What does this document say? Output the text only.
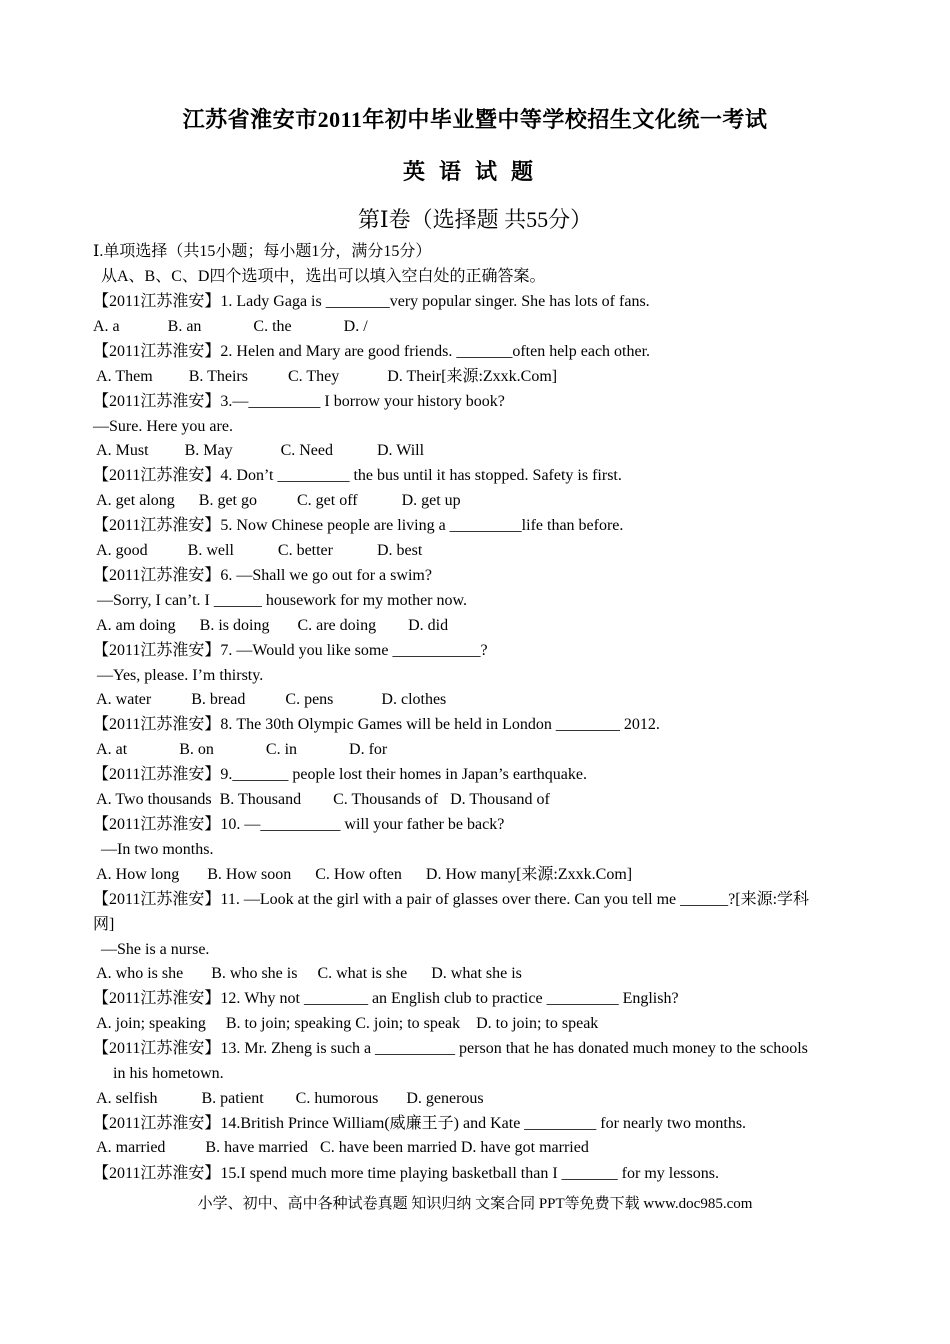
江苏省淮安市2011年初中毕业暨中等学校招生文化统一考试
英语试题
第Ⅰ卷（选择题 共55分）
Ⅰ.单项选择（共15小题；每小题1分，满分15分）
从A、B、C、D四个选项中，选出可以填入空白处的正确答案。
【2011江苏淮安】1. Lady Gaga is ________very popular singer. She has lots of fans.
A. a            B. an             C. the             D. /
【2011江苏淮安】2. Helen and Mary are good friends. _______often help each other.
A. Them         B. Theirs          C. They            D. Their[来源:Zxxk.Com]
【2011江苏淮安】3.—_________ I borrow your history book?
—Sure. Here you are.
A. Must         B. May            C. Need           D. Will
【2011江苏淮安】4. Don’t _________ the bus until it has stopped. Safety is first.
A. get along      B. get go          C. get off           D. get up
【2011江苏淮安】5. Now Chinese people are living a _________life than before.
A. good          B. well           C. better           D. best
【2011江苏淮安】6. —Shall we go out for a swim?
—Sorry, I can’t. I ______ housework for my mother now.
A. am doing      B. is doing       C. are doing        D. did
【2011江苏淮安】7. —Would you like some ___________?
—Yes, please. I’m thirsty.
A. water          B. bread          C. pens            D. clothes
【2011江苏淮安】8. The 30th Olympic Games will be held in London ________ 2012.
A. at             B. on             C. in             D. for
【2011江苏淮安】9._______ people lost their homes in Japan’s earthquake.
A. Two thousands  B. Thousand        C. Thousands of   D. Thousand of
【2011江苏淮安】10. —__________ will your father be back?
—In two months.
A. How long       B. How soon      C. How often      D. How many[来源:Zxxk.Com]
【2011江苏淮安】11. —Look at the girl with a pair of glasses over there. Can you tell me ______?[来源:学科
网]
—She is a nurse.
A. who is she       B. who she is     C. what is she      D. what she is
【2011江苏淮安】12. Why not ________ an English club to practice _________ English?
A. join; speaking     B. to join; speaking C. join; to speak    D. to join; to speak
【2011江苏淮安】13. Mr. Zheng is such a __________ person that he has donated much money to the schools
in his hometown.
A. selfish           B. patient        C. humorous       D. generous
【2011江苏淮安】14.British Prince William(威廉王子) and Kate _________ for nearly two months.
A. married          B. have married   C. have been married D. have got married
【2011江苏淮安】15.I spend much more time playing basketball than I _______ for my lessons.
小学、初中、高中各种试卷真题 知识归纳 文案合同 PPT等免费下载 www.doc985.com
